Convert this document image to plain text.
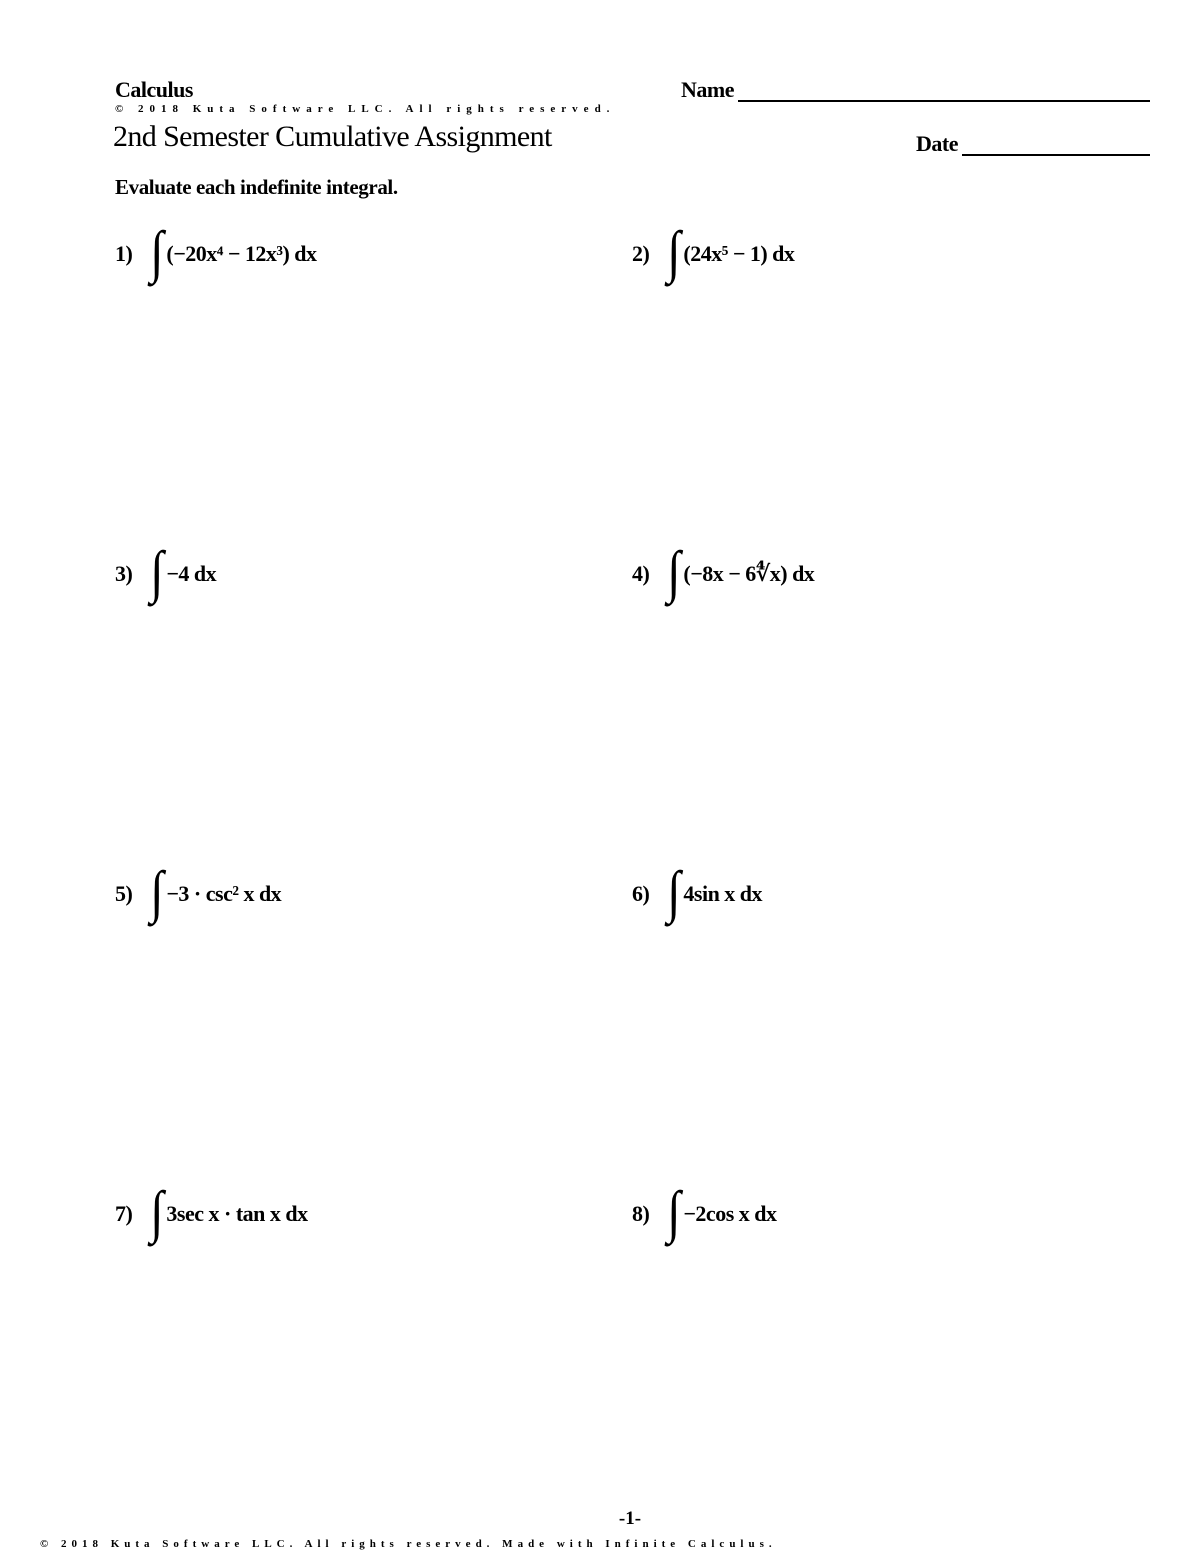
Calculus
© 2018 Kuta Software LLC. All rights reserved.
2nd Semester Cumulative Assignment
Name
Date
Evaluate each indefinite integral.
1) ∫ (−20x⁴ − 12x³) dx	2) ∫ (24x⁵ − 1) dx
3) ∫ −4 dx	4) ∫ (−8x − 6∜x) dx
5) ∫ −3 · csc² x dx	6) ∫ 4sin x dx
7) ∫ 3sec x · tan x dx	8) ∫ −2cos x dx
-1-
© 2018 Kuta Software LLC. All rights reserved. Made with Infinite Calculus.
